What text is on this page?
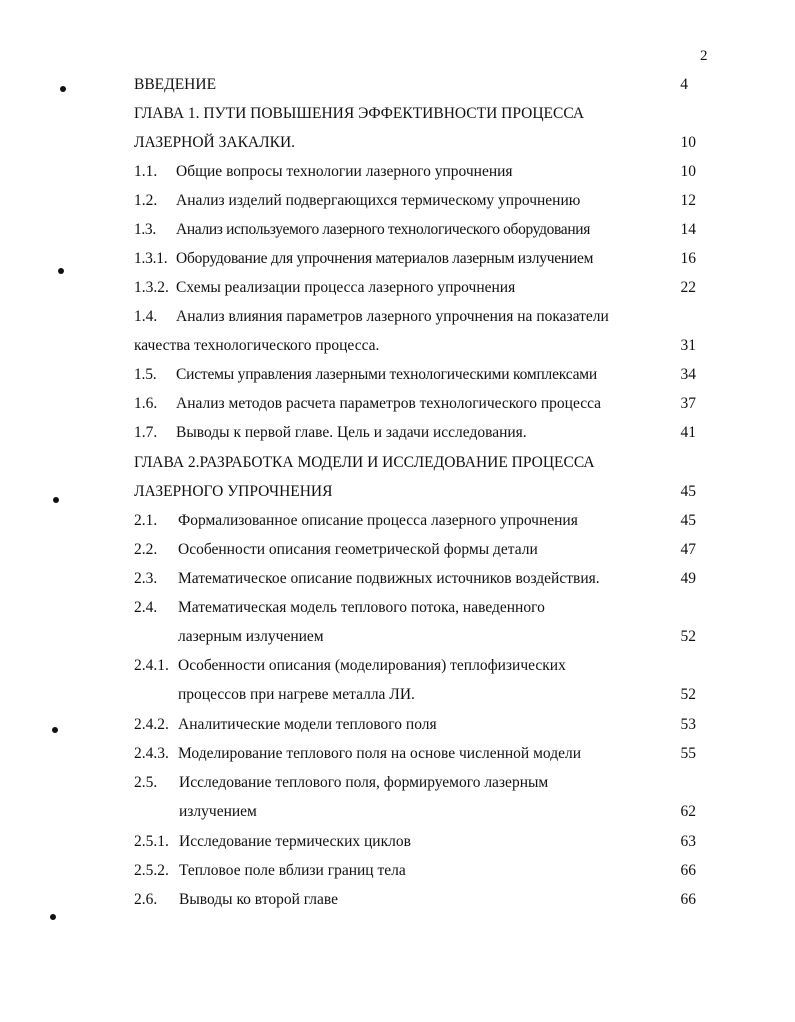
2
ВВЕДЕНИЕ	4
ГЛАВА 1. ПУТИ ПОВЫШЕНИЯ ЭФФЕКТИВНОСТИ ПРОЦЕССА
ЛАЗЕРНОЙ ЗАКАЛКИ.	10
1.1. Общие вопросы технологии лазерного упрочнения	10
1.2. Анализ изделий подвергающихся термическому упрочнению	12
1.3. Анализ используемого лазерного технологического оборудования	14
1.3.1. Оборудование для упрочнения материалов лазерным излучением	16
1.3.2. Схемы реализации процесса лазерного упрочнения	22
1.4. Анализ влияния параметров лазерного упрочнения на показатели
качества технологического процесса.	31
1.5. Системы управления лазерными технологическими комплексами	34
1.6. Анализ методов расчета параметров технологического процесса	37
1.7. Выводы к первой главе. Цель и задачи исследования.	41
ГЛАВА 2.РАЗРАБОТКА МОДЕЛИ И ИССЛЕДОВАНИЕ ПРОЦЕССА
ЛАЗЕРНОГО УПРОЧНЕНИЯ	45
2.1. Формализованное описание процесса лазерного упрочнения	45
2.2. Особенности описания геометрической формы детали	47
2.3. Математическое описание подвижных источников воздействия.	49
2.4. Математическая модель теплового потока, наведенного
лазерным излучением	52
2.4.1. Особенности описания (моделирования) теплофизических
процессов при нагреве металла ЛИ.	52
2.4.2. Аналитические модели теплового поля	53
2.4.3. Моделирование теплового поля на основе численной модели	55
2.5. Исследование теплового поля, формируемого лазерным
излучением	62
2.5.1. Исследование термических циклов	63
2.5.2. Тепловое поле вблизи границ тела	66
2.6. Выводы ко второй главе	66
